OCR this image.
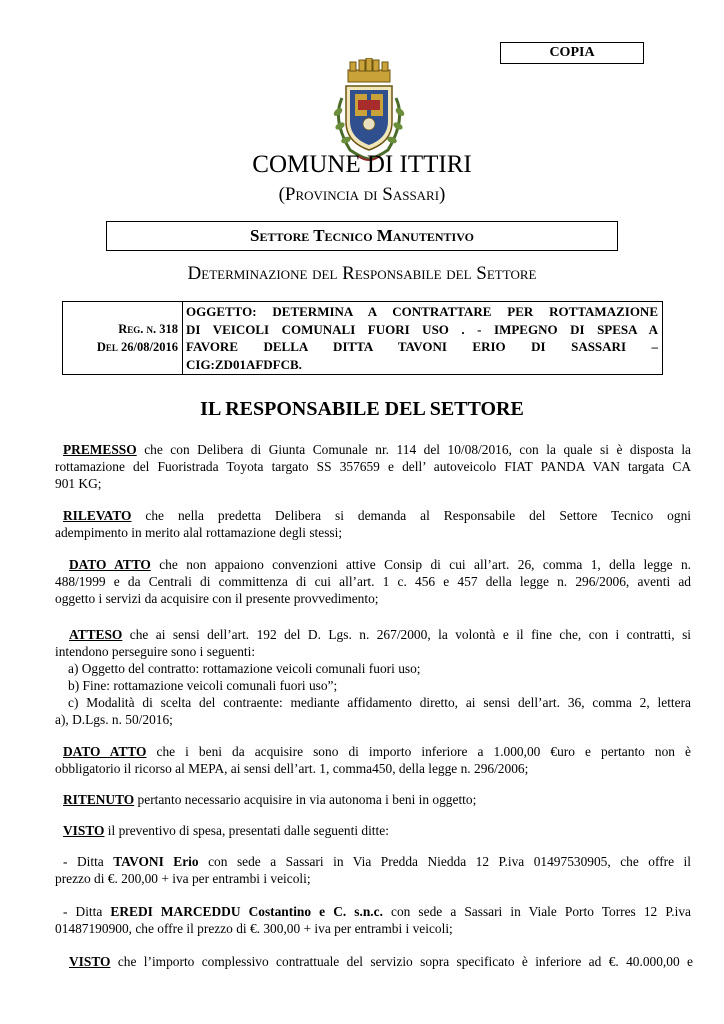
COPIA
COMUNE DI ITTIRI
(Provincia di Sassari)
Settore Tecnico Manutentivo
Determinazione del Responsabile del Settore
Reg. n. 318
Del 26/08/2016
OGGETTO: DETERMINA A CONTRATTARE PER ROTTAMAZIONE
DI VEICOLI COMUNALI FUORI USO . - IMPEGNO DI SPESA A
FAVORE DELLA DITTA TAVONI ERIO DI SASSARI –
CIG:ZD01AFDFCB.
IL RESPONSABILE DEL SETTORE
PREMESSO che con Delibera di Giunta Comunale nr. 114 del 10/08/2016, con la quale si è disposta la
rottamazione del Fuoristrada Toyota targato SS 357659 e dell’ autoveicolo FIAT PANDA VAN targata CA
901 KG;
RILEVATO che nella predetta Delibera si demanda al Responsabile del Settore Tecnico ogni
adempimento in merito alal rottamazione degli stessi;
DATO ATTO che non appaiono convenzioni attive Consip di cui all’art. 26, comma 1, della legge n.
488/1999 e da Centrali di committenza di cui all’art. 1 c. 456 e 457 della legge n. 296/2006, aventi ad
oggetto i servizi da acquisire con il presente provvedimento;
ATTESO che ai sensi dell’art. 192 del D. Lgs. n. 267/2000, la volontà e il fine che, con i contratti, si
intendono perseguire sono i seguenti:
a) Oggetto del contratto: rottamazione veicoli comunali fuori uso;
b) Fine: rottamazione veicoli comunali fuori uso”;
c) Modalità di scelta del contraente: mediante affidamento diretto, ai sensi dell’art. 36, comma 2, lettera
a), D.Lgs. n. 50/2016;
DATO ATTO che i beni da acquisire sono di importo inferiore a 1.000,00 €uro e pertanto non è
obbligatorio il ricorso al MEPA, ai sensi dell’art. 1, comma450, della legge n. 296/2006;
RITENUTO pertanto necessario acquisire in via autonoma i beni in oggetto;
VISTO il preventivo di spesa, presentati dalle seguenti ditte:
- Ditta TAVONI Erio con sede a Sassari in Via Predda Niedda 12 P.iva 01497530905, che offre il
prezzo di €. 200,00 + iva per entrambi i veicoli;
- Ditta EREDI MARCEDDU Costantino e C. s.n.c. con sede a Sassari in Viale Porto Torres 12 P.iva
01487190900, che offre il prezzo di €. 300,00 + iva per entrambi i veicoli;
VISTO che l’importo complessivo contrattuale del servizio sopra specificato è inferiore ad €. 40.000,00 e
